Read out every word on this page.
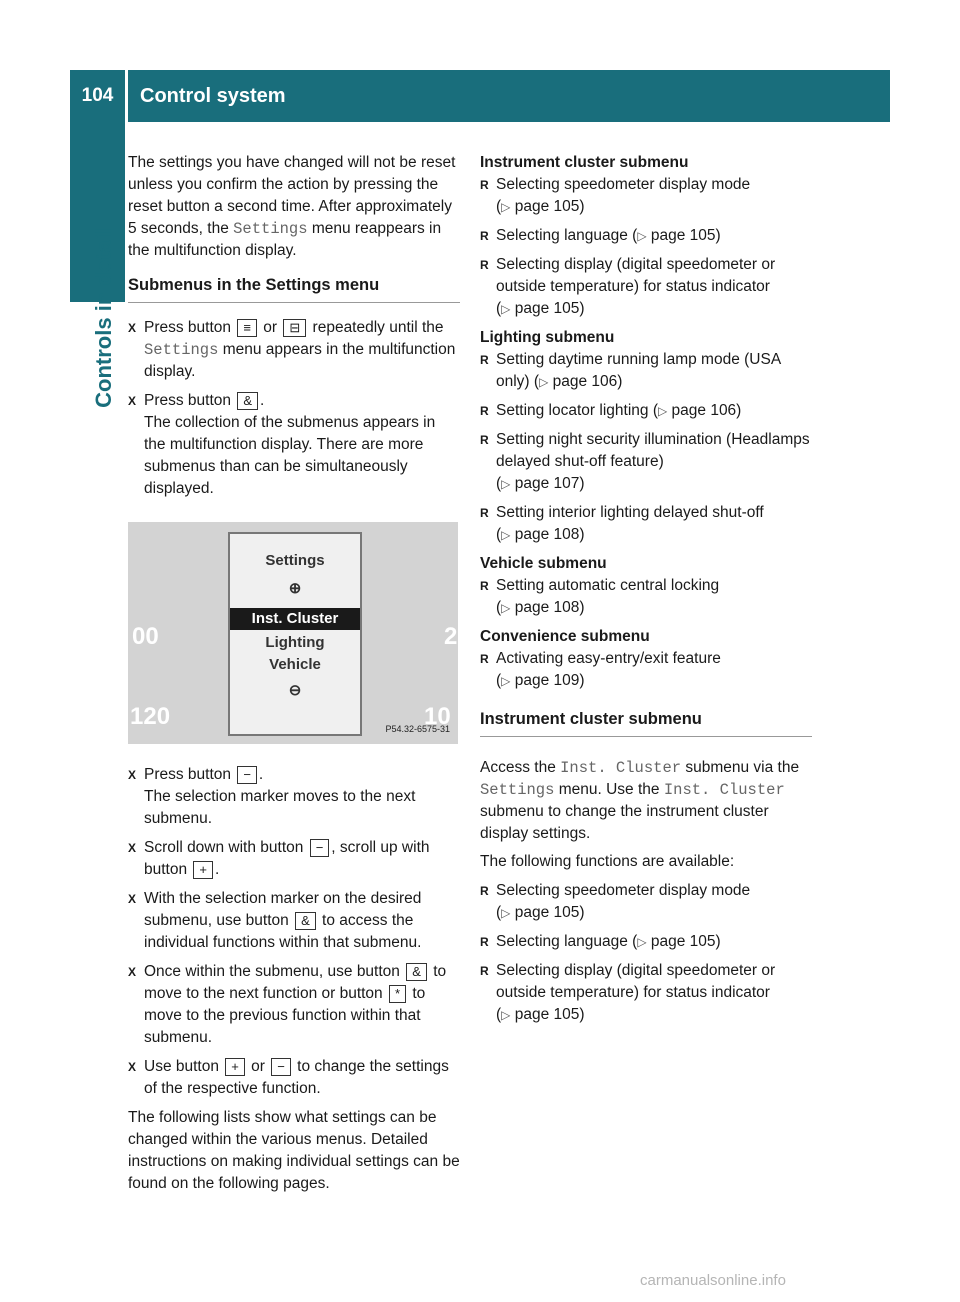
104	Control system
Controls in detail

The settings you have changed will not be reset unless you confirm the action by pressing the reset button a second time. After approximately 5 seconds, the Settings menu reappears in the multifunction display.

Submenus in the Settings menu
X Press button ≡ or ⊟ repeatedly until the Settings menu appears in the multifunction display.
X Press button & .
The collection of the submenus appears in the multifunction display. There are more submenus than can be simultaneously displayed.
00
120
2
10
Settings
⊕
Inst. Cluster
Lighting
Vehicle
⊖
P54.32-6575-31
X Press button − .
The selection marker moves to the next submenu.
X Scroll down with button − , scroll up with button + .
X With the selection marker on the desired submenu, use button & to access the individual functions within that submenu.
X Once within the submenu, use button & to move to the next function or button * to move to the previous function within that submenu.
X Use button + or − to change the settings of the respective function.

The following lists show what settings can be changed within the various menus. Detailed instructions on making individual settings can be found on the following pages.

Instrument cluster submenu

R Selecting speedometer display mode
(▷ page 105)
R Selecting language (▷ page 105)
R Selecting display (digital speedometer or outside temperature) for status indicator
(▷ page 105)

Lighting submenu

R Setting daytime running lamp mode (USA only) (▷ page 106)
R Setting locator lighting (▷ page 106)
R Setting night security illumination (Headlamps delayed shut-off feature)
(▷ page 107)
R Setting interior lighting delayed shut-off
(▷ page 108)

Vehicle submenu

R Setting automatic central locking
(▷ page 108)

Convenience submenu

R Activating easy-entry/exit feature
(▷ page 109)
Instrument cluster submenu

Access the Inst. Cluster submenu via the Settings menu. Use the Inst. Cluster submenu to change the instrument cluster display settings.

The following functions are available:

R Selecting speedometer display mode
(▷ page 105)
R Selecting language (▷ page 105)
R Selecting display (digital speedometer or outside temperature) for status indicator
(▷ page 105)
carmanualsonline.info
